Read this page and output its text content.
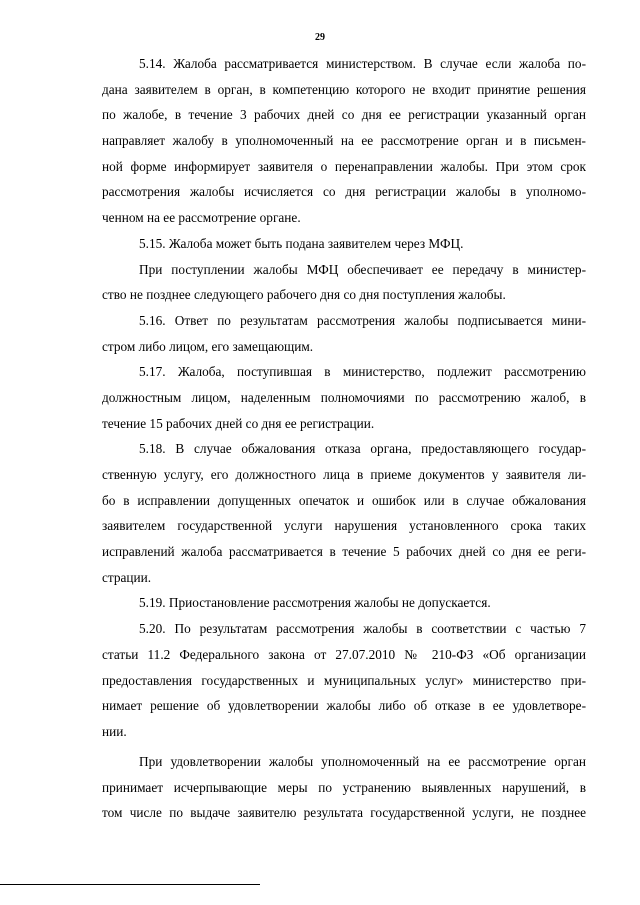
29
5.14. Жалоба рассматривается министерством. В случае если жалоба по-
дана заявителем в орган, в компетенцию которого не входит принятие решения
по жалобе, в течение 3 рабочих дней со дня ее регистрации указанный орган
направляет жалобу в уполномоченный на ее рассмотрение орган и в письмен-
ной форме информирует заявителя о перенаправлении жалобы. При этом срок
рассмотрения жалобы исчисляется со дня регистрации жалобы в уполномо-
ченном на ее рассмотрение органе.
5.15. Жалоба может быть подана заявителем через МФЦ.
При поступлении жалобы МФЦ обеспечивает ее передачу в министер-
ство не позднее следующего рабочего дня со дня поступления жалобы.
5.16. Ответ по результатам рассмотрения жалобы подписывается мини-
стром либо лицом, его замещающим.
5.17. Жалоба, поступившая в министерство, подлежит рассмотрению
должностным лицом, наделенным полномочиями по рассмотрению жалоб, в
течение 15 рабочих дней со дня ее регистрации.
5.18. В случае обжалования отказа органа, предоставляющего государ-
ственную услугу, его должностного лица в приеме документов у заявителя ли-
бо в исправлении допущенных опечаток и ошибок или в случае обжалования
заявителем государственной услуги нарушения установленного срока таких
исправлений жалоба рассматривается в течение 5 рабочих дней со дня ее реги-
страции.
5.19. Приостановление рассмотрения жалобы не допускается.
5.20. По результатам рассмотрения жалобы в соответствии с частью 7
статьи 11.2 Федерального закона от 27.07.2010 № 210-ФЗ «Об организации
предоставления государственных и муниципальных услуг» министерство при-
нимает решение об удовлетворении жалобы либо об отказе в ее удовлетворе-
нии.
При удовлетворении жалобы уполномоченный на ее рассмотрение орган
принимает исчерпывающие меры по устранению выявленных нарушений, в
том числе по выдаче заявителю результата государственной услуги, не позднее
